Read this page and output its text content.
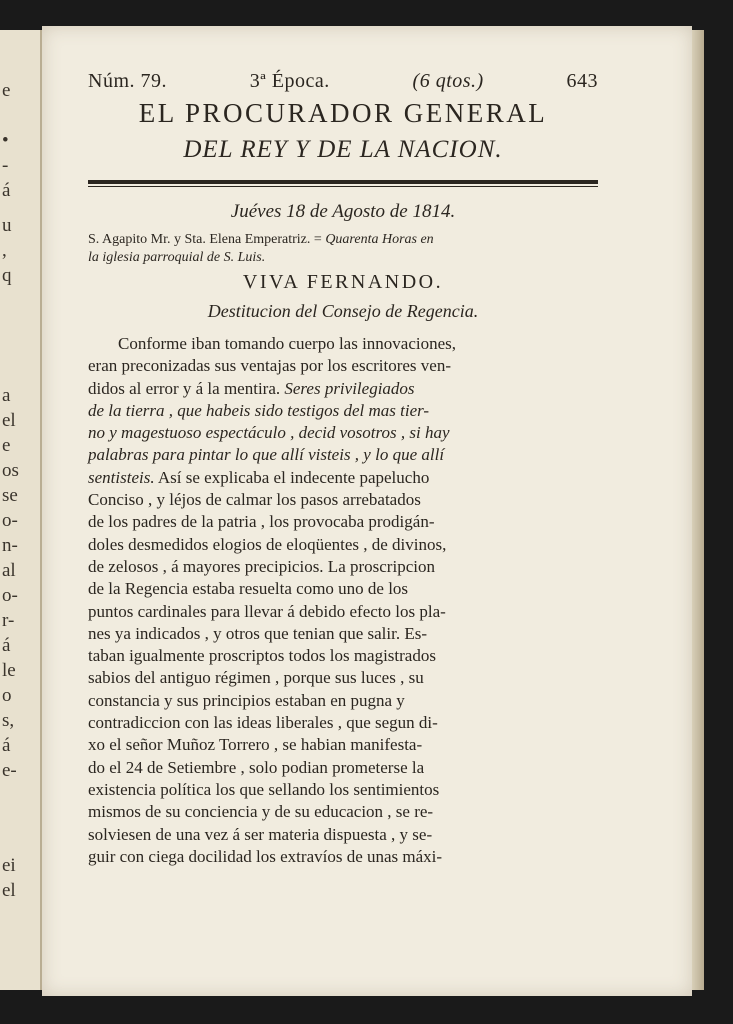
e
•
-
á
u
,
q
a
el
e
os
se
o-
n-
al
o-
r-
á
le
o
s,
á
e-
ei
el
Núm. 79.	3ª Época.	(6 qtos.)	643
EL PROCURADOR GENERAL
DEL REY Y DE LA NACION.
Juéves 18 de Agosto de 1814.
S. Agapito Mr. y Sta. Elena Emperatriz. = Quarenta Horas en
la iglesia parroquial de S. Luis.
VIVA FERNANDO.
Destitucion del Consejo de Regencia.
Conforme iban tomando cuerpo las innovaciones,
eran preconizadas sus ventajas por los escritores ven-
didos al error y á la mentira. Seres privilegiados
de la tierra , que habeis sido testigos del mas tier-
no y magestuoso espectáculo , decid vosotros , si hay
palabras para pintar lo que allí visteis , y lo que allí
sentisteis. Así se explicaba el indecente papelucho
Conciso , y léjos de calmar los pasos arrebatados
de los padres de la patria , los provocaba prodigán-
doles desmedidos elogios de eloqüentes , de divinos,
de zelosos , á mayores precipicios. La proscripcion
de la Regencia estaba resuelta como uno de los
puntos cardinales para llevar á debido efecto los pla-
nes ya indicados , y otros que tenian que salir. Es-
taban igualmente proscriptos todos los magistrados
sabios del antiguo régimen , porque sus luces , su
constancia y sus principios estaban en pugna y
contradiccion con las ideas liberales , que segun di-
xo el señor Muñoz Torrero , se habian manifesta-
do el 24 de Setiembre , solo podian prometerse la
existencia política los que sellando los sentimientos
mismos de su conciencia y de su educacion , se re-
solviesen de una vez á ser materia dispuesta , y se-
guir con ciega docilidad los extravíos de unas máxi-
